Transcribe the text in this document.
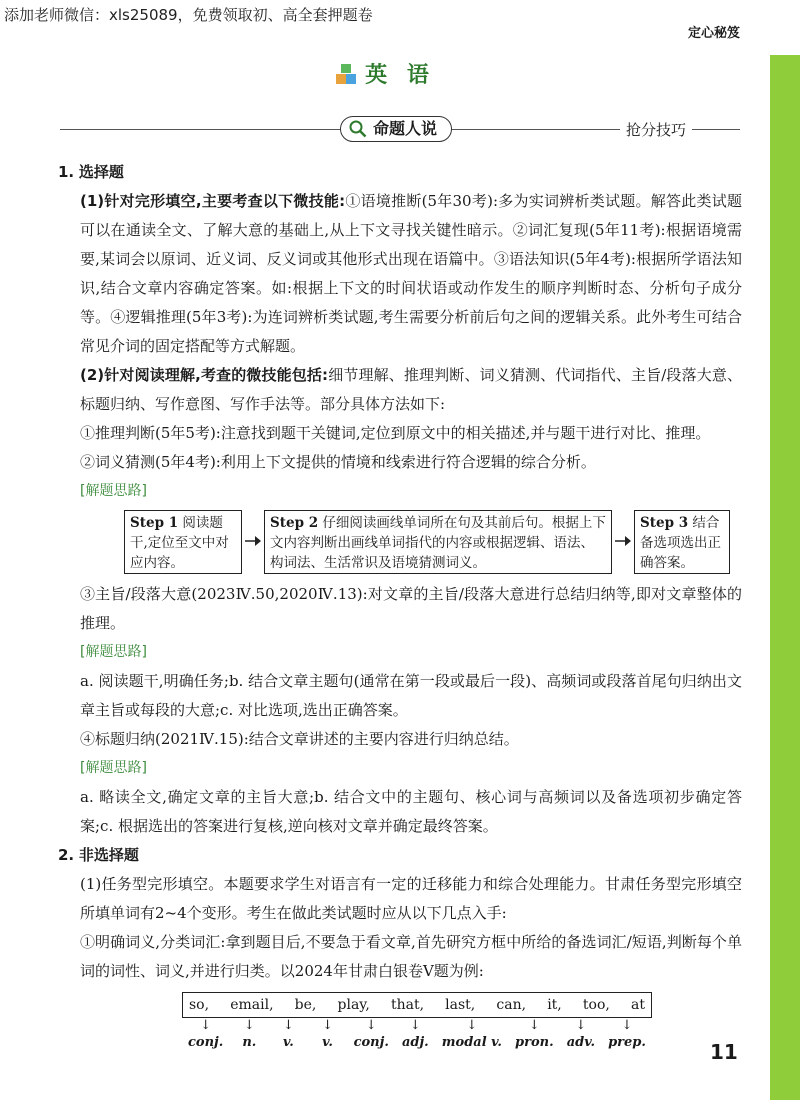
添加老师微信：xls25089，免费领取初、高全套押题卷
定心秘笈
英 语
命题人说	抢分技巧

1. 选择题

(1)针对完形填空,主要考查以下微技能:①语境推断(5年30考):多为实词辨析类试题。解答此类试题可以在通读全文、了解大意的基础上,从上下文寻找关键性暗示。②词汇复现(5年11考):根据语境需要,某词会以原词、近义词、反义词或其他形式出现在语篇中。③语法知识(5年4考):根据所学语法知识,结合文章内容确定答案。如:根据上下文的时间状语或动作发生的顺序判断时态、分析句子成分等。④逻辑推理(5年3考):为连词辨析类试题,考生需要分析前后句之间的逻辑关系。此外考生可结合常见介词的固定搭配等方式解题。

(2)针对阅读理解,考查的微技能包括:细节理解、推理判断、词义猜测、代词指代、主旨/段落大意、标题归纳、写作意图、写作手法等。部分具体方法如下:

①推理判断(5年5考):注意找到题干关键词,定位到原文中的相关描述,并与题干进行对比、推理。

②词义猜测(5年4考):利用上下文提供的情境和线索进行符合逻辑的综合分析。

[解题思路]

Step 1 阅读题干,定位至文中对应内容。
Step 2 仔细阅读画线单词所在句及其前后句。根据上下文内容判断出画线单词指代的内容或根据逻辑、语法、构词法、生活常识及语境猜测词义。
Step 3 结合备选项选出正确答案。

③主旨/段落大意(2023Ⅳ.50,2020Ⅳ.13):对文章的主旨/段落大意进行总结归纳等,即对文章整体的推理。

[解题思路]

a. 阅读题干,明确任务;b. 结合文章主题句(通常在第一段或最后一段)、高频词或段落首尾句归纳出文章主旨或每段的大意;c. 对比选项,选出正确答案。

④标题归纳(2021Ⅳ.15):结合文章讲述的主要内容进行归纳总结。

[解题思路]

a. 略读全文,确定文章的主旨大意;b. 结合文中的主题句、核心词与高频词以及备选项初步确定答案;c. 根据选出的答案进行复核,逆向核对文章并确定最终答案。

2. 非选择题

(1)任务型完形填空。本题要求学生对语言有一定的迁移能力和综合处理能力。甘肃任务型完形填空所填单词有2~4个变形。考生在做此类试题时应从以下几点入手:

①明确词义,分类词汇:拿到题目后,不要急于看文章,首先研究方框中所给的备选词汇/短语,判断每个单词的词性、词义,并进行归类。以2024年甘肃白银卷Ⅴ题为例:

so, email, be, play, that, last, can, it, too, at
↓
conj.
↓
n.
↓
v.
↓
v.
↓
conj.
↓
adj.
↓
modal v.
↓
pron.
↓
adv.
↓
prep.	11
